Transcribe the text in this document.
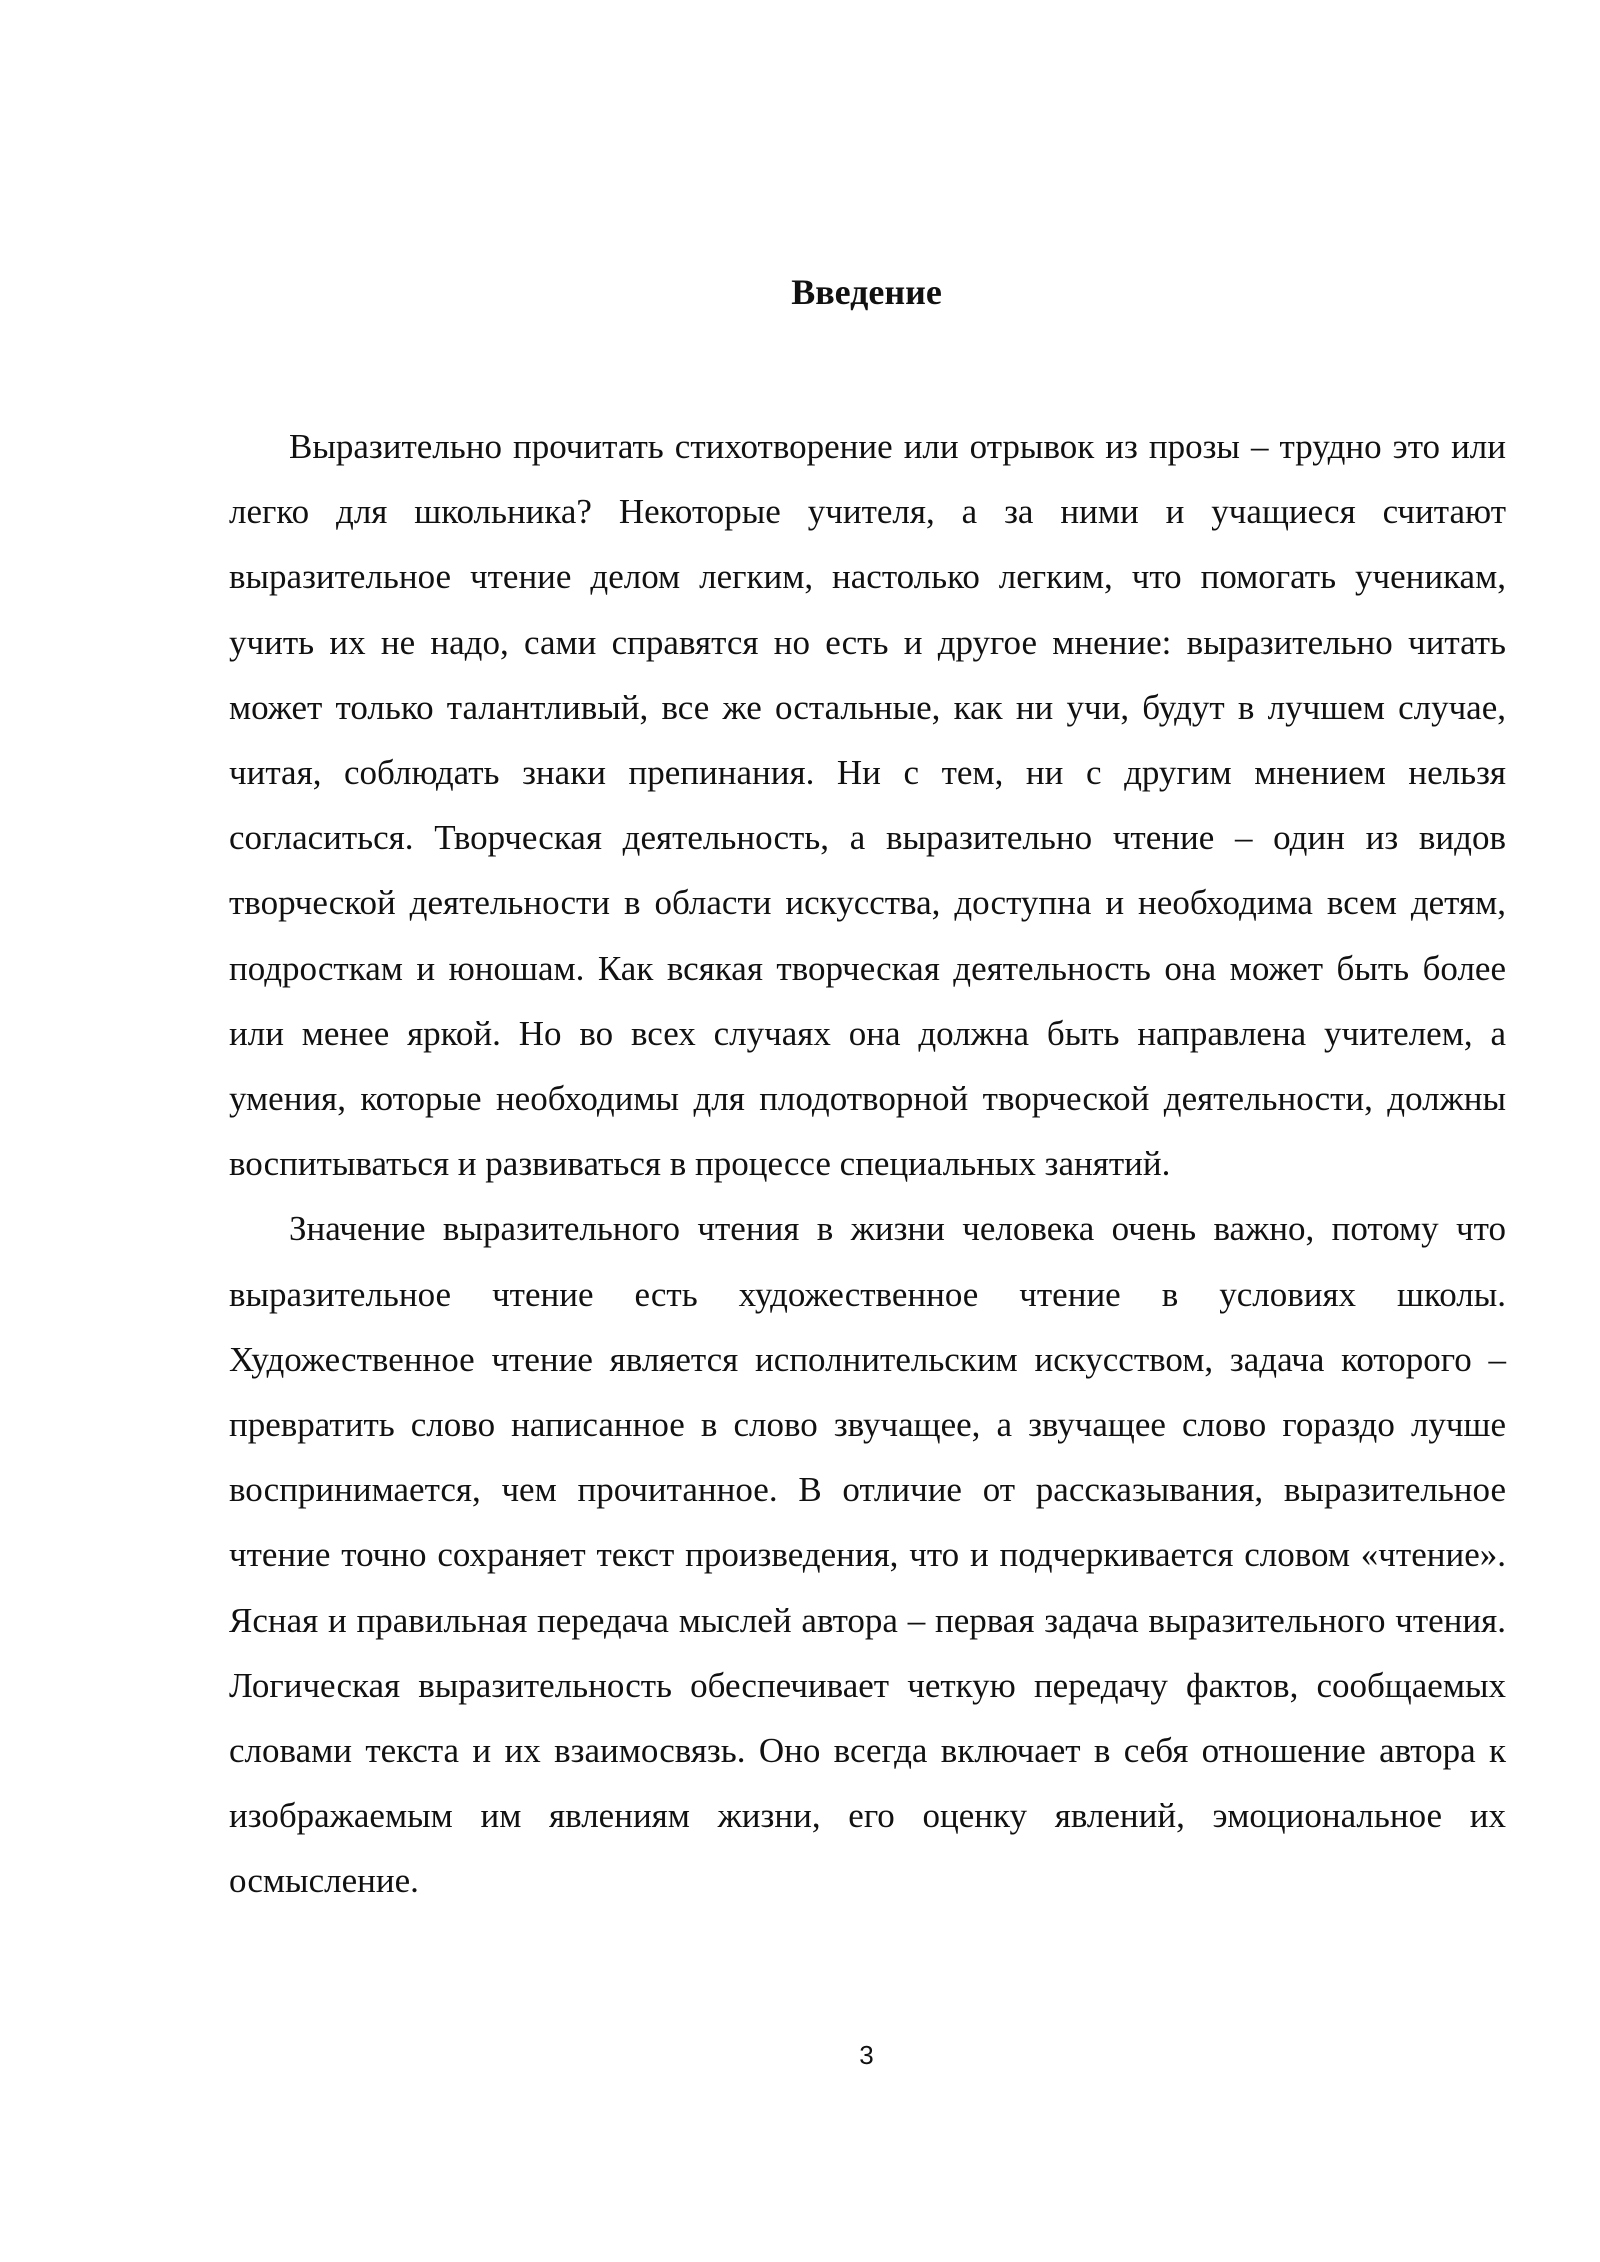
Введение

Выразительно прочитать стихотворение или отрывок из прозы – трудно это или легко для школьника? Некоторые учителя, а за ними и учащиеся считают выразительное чтение делом легким, настолько легким, что помогать ученикам, учить их не надо, сами справятся но есть и другое мнение: выразительно читать может только талантливый, все же остальные, как ни учи, будут в лучшем случае, читая, соблюдать знаки препинания. Ни с тем, ни с другим мнением нельзя согласиться. Творческая деятельность, а выразительно чтение – один из видов творческой деятельности в области искусства, доступна и необходима всем детям, подросткам и юношам. Как всякая творческая деятельность она может быть более или менее яркой. Но во всех случаях она должна быть направлена учителем, а умения, которые необходимы для плодотворной творческой деятельности, должны воспитываться и развиваться в процессе специальных занятий.

Значение выразительного чтения в жизни человека очень важно, потому что выразительное чтение есть художественное чтение в условиях школы. Художественное чтение является исполнительским искусством, задача которого – превратить слово написанное в слово звучащее, а звучащее слово гораздо лучше воспринимается, чем прочитанное. В отличие от рассказывания, выразительное чтение точно сохраняет текст произведения, что и подчеркивается словом «чтение». Ясная и правильная передача мыслей автора – первая задача выразительного чтения. Логическая выразительность обеспечивает четкую передачу фактов, сообщаемых словами текста и их взаимосвязь. Оно всегда включает в себя отношение автора к изображаемым им явлениям жизни, его оценку явлений, эмоциональное их осмысление.

3
